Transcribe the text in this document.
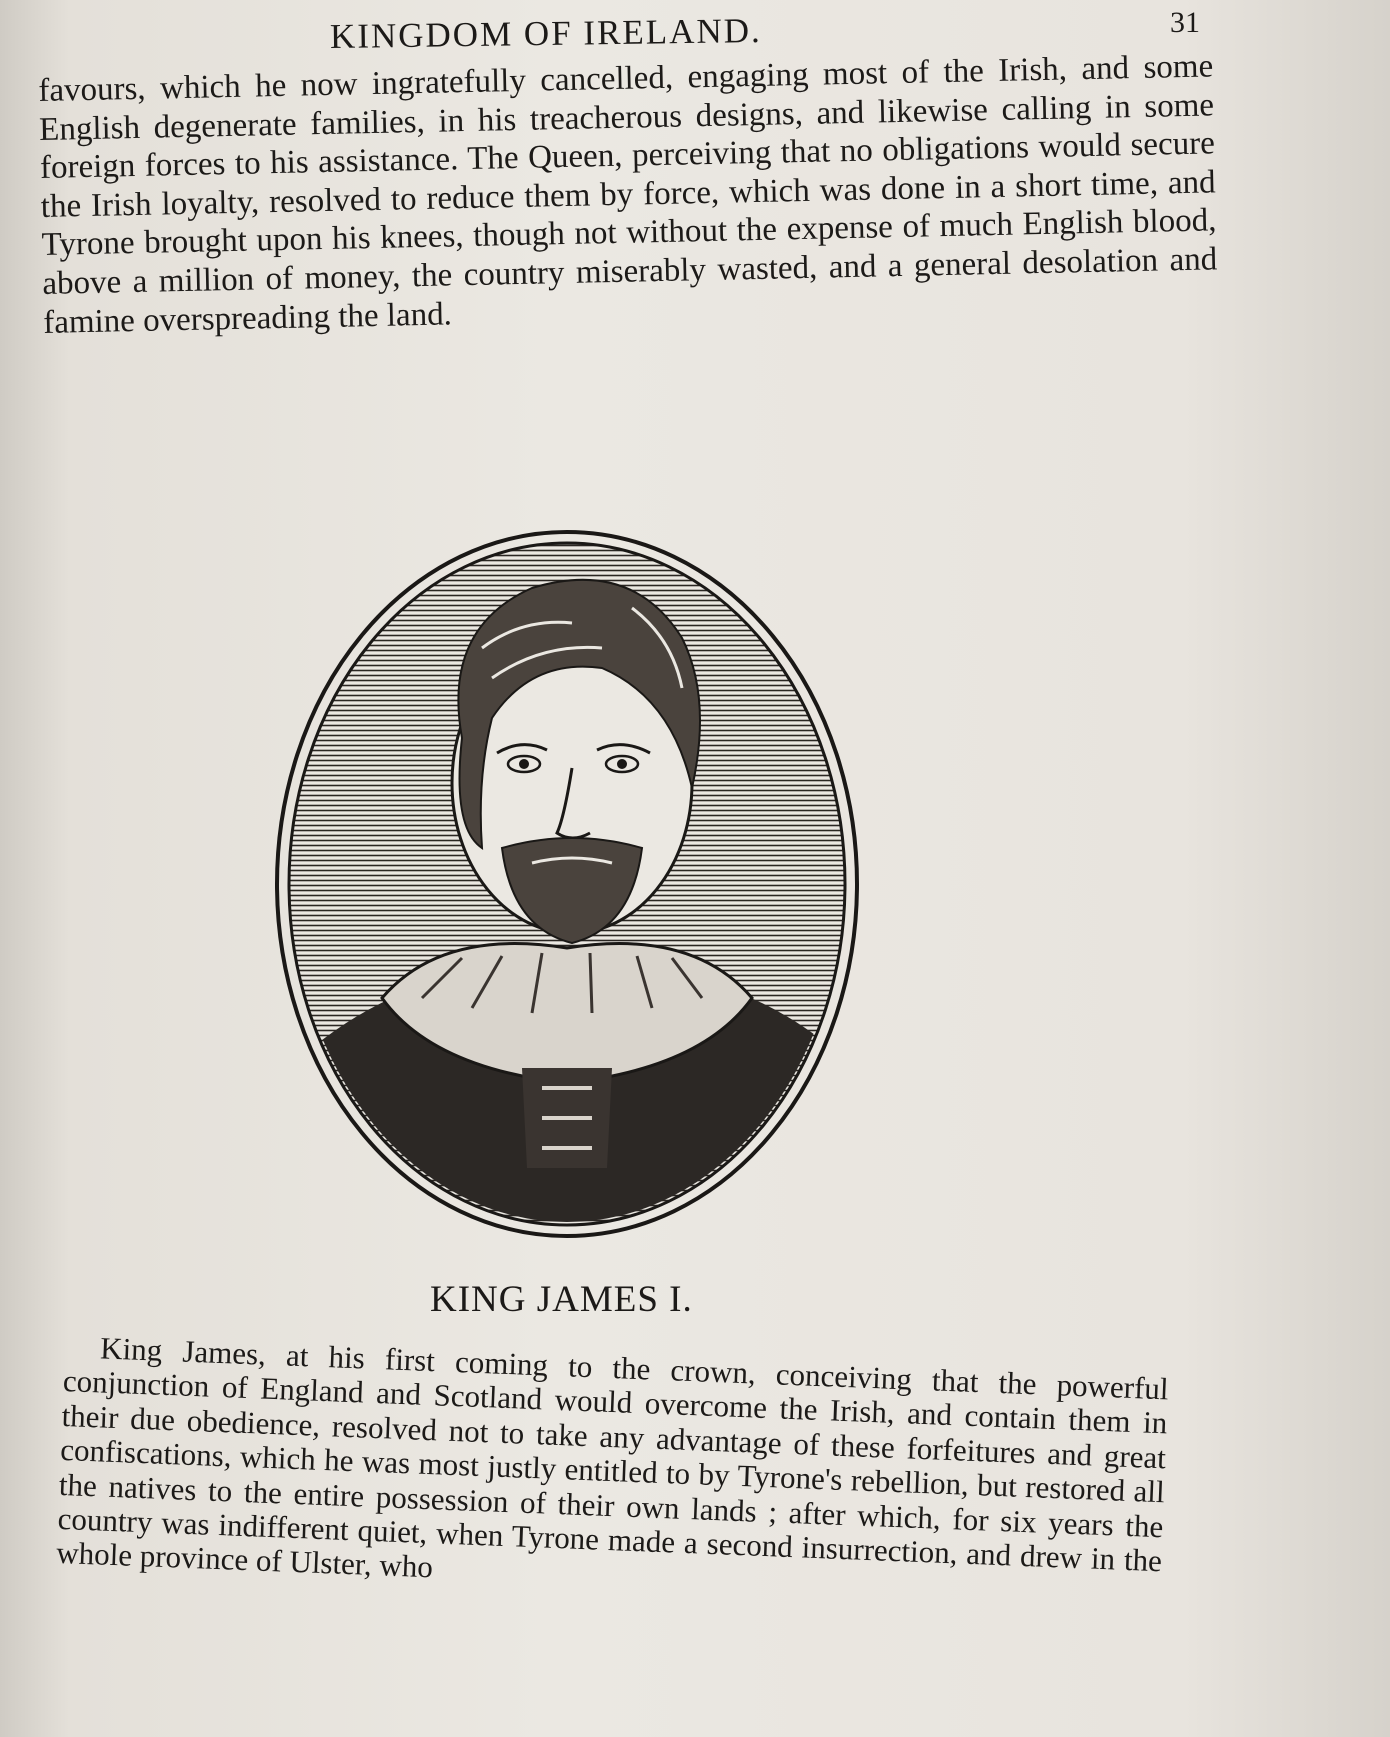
KINGDOM OF IRELAND.	31

favours, which he now ingratefully cancelled, engaging most of the Irish, and some English degenerate families, in his treacherous designs, and likewise calling in some foreign forces to his assistance. The Queen, perceiving that no obligations would secure the Irish loyalty, resolved to reduce them by force, which was done in a short time, and Tyrone brought upon his knees, though not without the expense of much English blood, above a million of money, the country miserably wasted, and a general desolation and famine overspreading the land.

KING JAMES I.

King James, at his first coming to the crown, conceiving that the powerful conjunction of England and Scotland would overcome the Irish, and contain them in their due obedience, resolved not to take any advantage of these forfeitures and great confiscations, which he was most justly entitled to by Tyrone's rebellion, but restored all the natives to the entire possession of their own lands ; after which, for six years the country was indifferent quiet, when Tyrone made a second insurrection, and drew in the whole province of Ulster, who
